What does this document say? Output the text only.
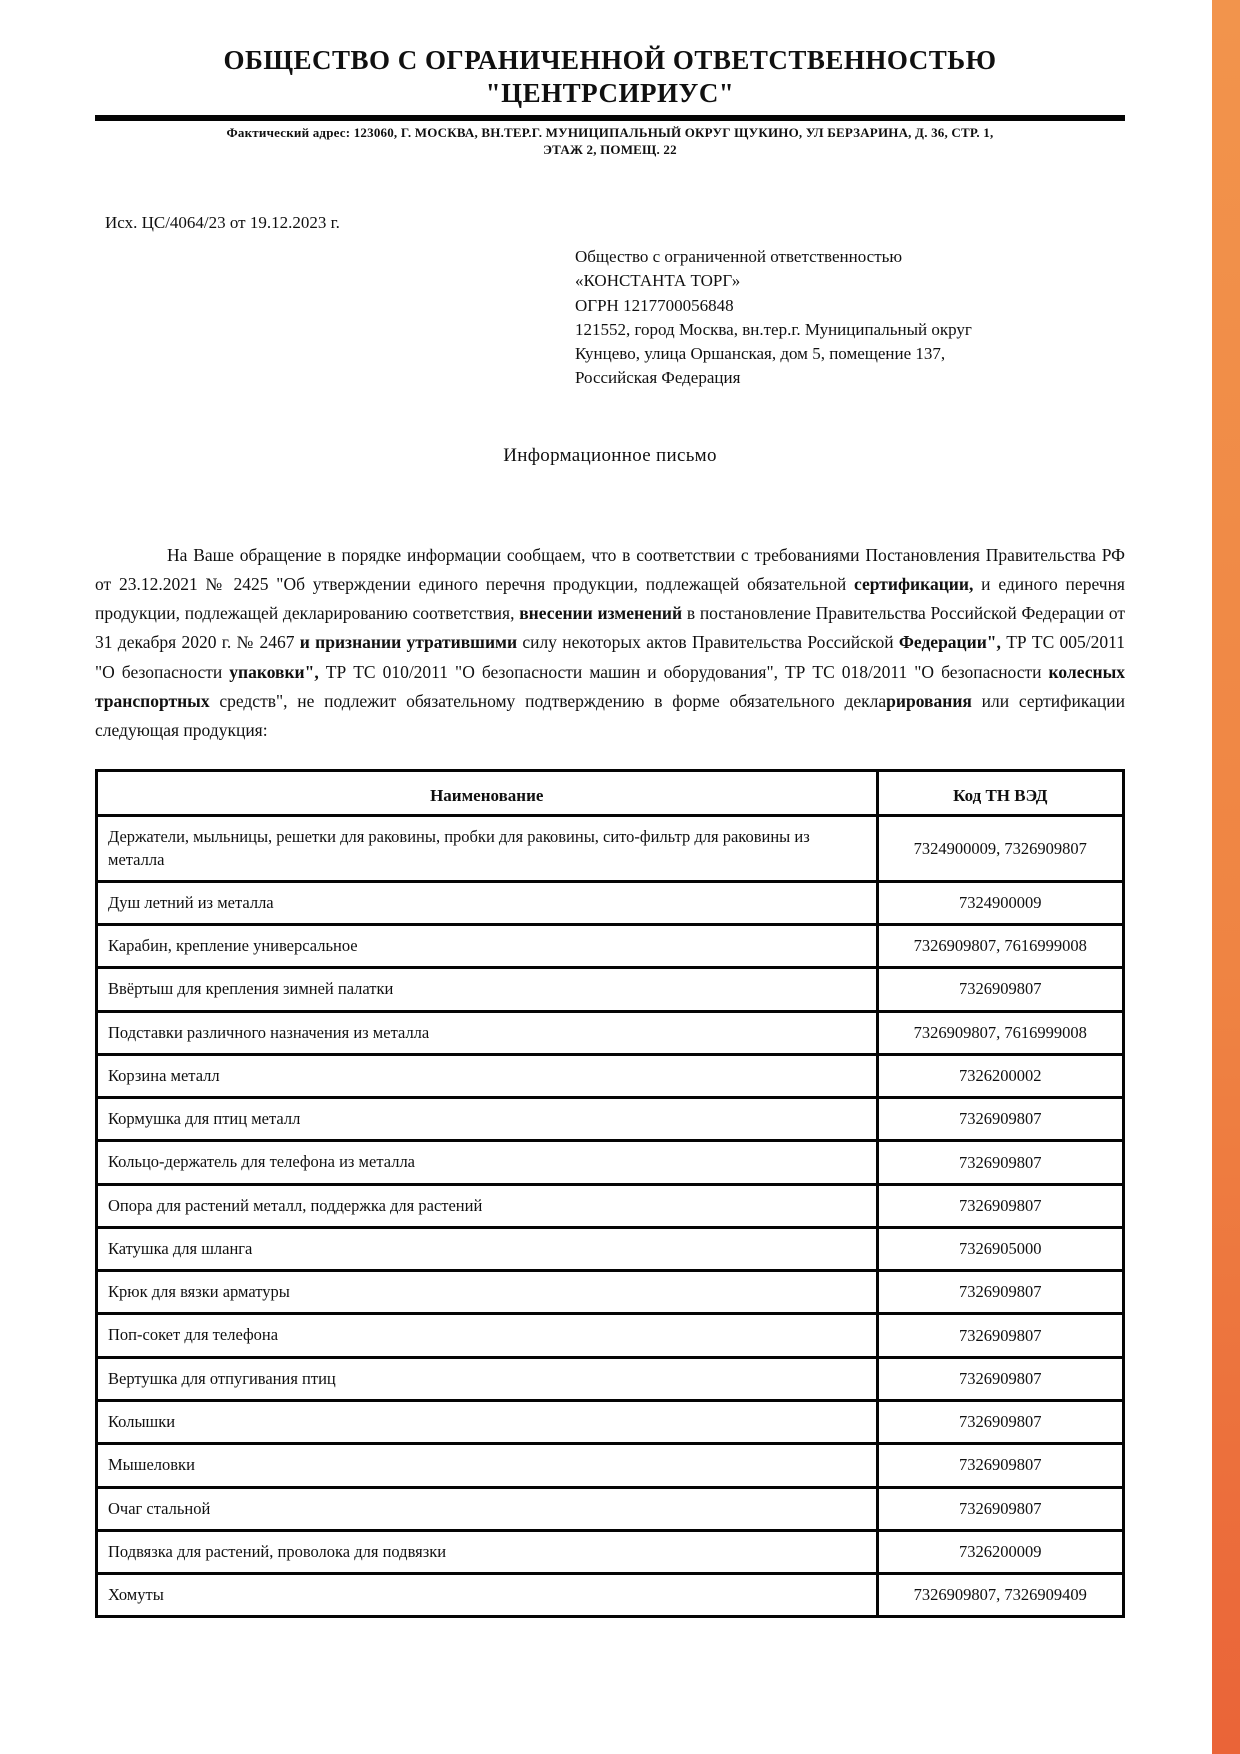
ОБЩЕСТВО С ОГРАНИЧЕННОЙ ОТВЕТСТВЕННОСТЬЮ
"ЦЕНТРСИРИУС"
Фактический адрес: 123060, Г. МОСКВА, ВН.ТЕР.Г. МУНИЦИПАЛЬНЫЙ ОКРУГ ЩУКИНО, УЛ БЕРЗАРИНА, Д. 36, СТР. 1,
ЭТАЖ 2, ПОМЕЩ. 22
Исх. ЦС/4064/23 от 19.12.2023 г.
Общество с ограниченной ответственностью
«КОНСТАНТА ТОРГ»
ОГРН 1217700056848
121552, город Москва, вн.тер.г. Муниципальный округ
Кунцево, улица Оршанская, дом 5, помещение 137,
Российская Федерация
Информационное письмо
На Ваше обращение в порядке информации сообщаем, что в соответствии с требованиями Постановления Правительства РФ от 23.12.2021 № 2425 "Об утверждении единого перечня продукции, подлежащей обязательной сертификации, и единого перечня продукции, подлежащей декларированию соответствия, внесении изменений в постановление Правительства Российской Федерации от 31 декабря 2020 г. № 2467 и признании утратившими силу некоторых актов Правительства Российской Федерации", ТР ТС 005/2011 "О безопасности упаковки", ТР ТС 010/2011 "О безопасности машин и оборудования", ТР ТС 018/2011 "О безопасности колесных транспортных средств", не подлежит обязательному подтверждению в форме обязательного декларирования или сертификации следующая продукция:
Наименование	Код ТН ВЭД
Держатели, мыльницы, решетки для раковины, пробки для раковины, сито-фильтр для раковины из металла	7324900009, 7326909807
Душ летний из металла	7324900009
Карабин, крепление универсальное	7326909807, 7616999008
Ввёртыш для крепления зимней палатки	7326909807
Подставки различного назначения из металла	7326909807, 7616999008
Корзина металл	7326200002
Кормушка для птиц металл	7326909807
Кольцо-держатель для телефона из металла	7326909807
Опора для растений металл, поддержка для растений	7326909807
Катушка для шланга	7326905000
Крюк для вязки арматуры	7326909807
Поп-сокет для телефона	7326909807
Вертушка для отпугивания птиц	7326909807
Колышки	7326909807
Мышеловки	7326909807
Очаг стальной	7326909807
Подвязка для растений, проволока для подвязки	7326200009
Хомуты	7326909807, 7326909409
